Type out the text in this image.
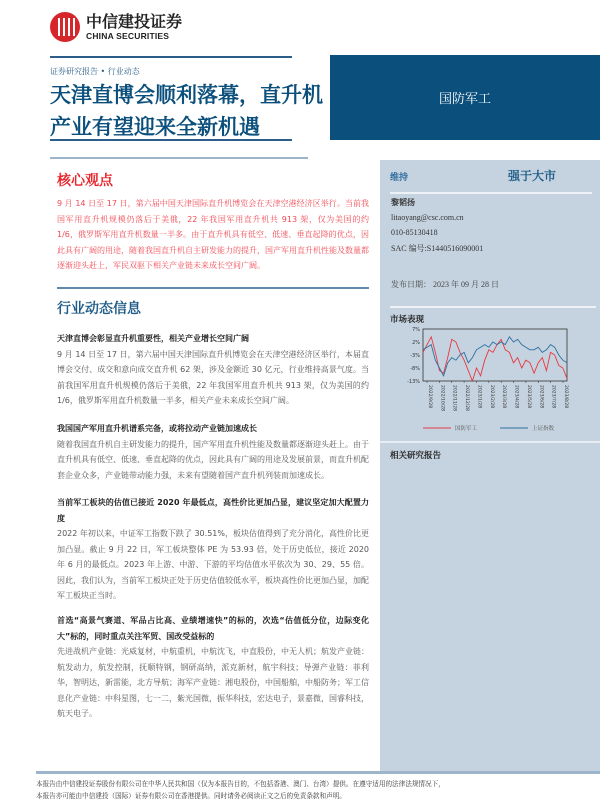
中信建投证券
CHINA SECURITIES
证券研究报告 • 行业动态
天津直博会顺利落幕，直升机产业有望迎来全新机遇
国防军工
核心观点
9 月 14 日至 17 日，第六届中国天津国际直升机博览会在天津空港经济区举行。当前我国军用直升机规模仍落后于美俄，22 年我国军用直升机共 913 架，仅为美国的约 1/6，俄罗斯军用直升机数量一半多。由于直升机具有低空、低速、垂直起降的优点，因此具有广阔的用途，随着我国直升机自主研发能力的提升，国产军用直升机性能及数量都逐渐迎头赶上，军民双驱下相关产业链未来成长空间广阔。
行业动态信息
天津直博会彰显直升机重要性，相关产业增长空间广阔
9 月 14 日至 17 日，第六届中国天津国际直升机博览会在天津空港经济区举行，本届直博会交付、成交和意向成交直升机 62 架，涉及金额近 30 亿元，行业维持高景气度。当前我国军用直升机规模仍落后于美俄，22 年我国军用直升机共 913 架，仅为美国的约 1/6，俄罗斯军用直升机数量一半多，相关产业未来成长空间广阔。
我国国产军用直升机谱系完备，或将拉动产业链加速成长
随着我国直升机自主研发能力的提升，国产军用直升机性能及数量都逐渐迎头赶上。由于直升机具有低空、低速、垂直起降的优点，因此具有广阔的用途及发展前景，而直升机配套企业众多，产业链带动能力强，未来有望随着国产直升机列装而加速成长。
当前军工板块的估值已接近 2020 年最低点，高性价比更加凸显，建议坚定加大配置力度
2022 年初以来，中证军工指数下跌了 30.51%，板块估值得到了充分消化，高性价比更加凸显。截止 9 月 22 日，军工板块整体 PE 为 53.93 倍，处于历史低位，接近 2020 年 6 月的最低点。2023 年上游、中游、下游的平均估值水平依次为 30、29、55 倍。因此，我们认为，当前军工板块正处于历史估值较低水平，板块高性价比更加凸显，加配军工板块正当时。
首选“高景气赛道、军品占比高、业绩增速快”的标的，次选“估值低分位，边际变化大”标的，同时重点关注军贸、国改受益标的
先进战机产业链：光威复材，中航重机，中航沈飞，中直股份，中无人机；航发产业链：航发动力，航发控制，抚顺特钢，钢研高纳，派克新材，航宇科技；导弹产业链：菲利华，智明达，新雷能，北方导航；海军产业链：湘电股份，中国船舶，中船防务；军工信息化产业链：中科星图，七一二，紫光国微，振华科技，宏达电子，景嘉微，国睿科技，航天电子。
维持	强于大市
黎韬扬
litaoyang@csc.com.cn
010-85130418
SAC 编号:S1440516090001
发布日期： 2023 年 09 月 28 日
市场表现
7%
2%
-3%
-8%
-13%
2022/9/28 2022/10/28 2022/11/28 2022/12/28 2023/1/28 2023/2/28 2023/3/28 2023/4/28 2023/5/28 2023/6/28 2023/7/28 2023/8/28
国防军工	上证指数
相关研究报告
本报告由中信建投证券股份有限公司在中华人民共和国（仅为本报告目的，不包括香港、澳门、台湾）提供。在遵守适用的法律法规情况下，
本报告亦可能由中信建投（国际）证券有限公司在香港提供。同时请务必阅读正文之后的免责条款和声明。
